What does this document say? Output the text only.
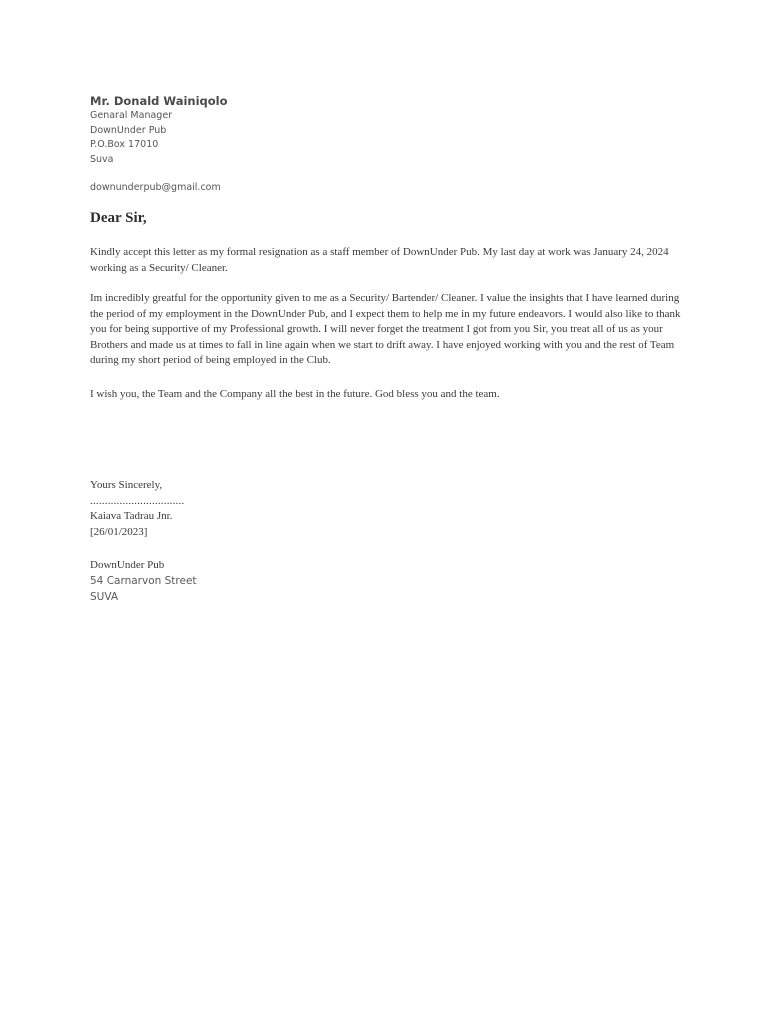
Mr. Donald Wainiqolo
Genaral Manager
DownUnder Pub
P.O.Box 17010
Suva
downunderpub@gmail.com
Dear Sir,
Kindly accept this letter as my formal resignation as a staff member of DownUnder Pub. My last day at work was January 24, 2024 working as a Security/ Cleaner.
Im incredibly greatful for the opportunity given to me as a Security/ Bartender/ Cleaner. I value the insights that I have learned during the period of my employment in the DownUnder Pub, and I expect them to help me in my future endeavors. I would also like to thank you for being supportive of my Professional growth. I will never forget the treatment I got from you Sir, you treat all of us as your Brothers and made us at times to fall in line again when we start to drift away. I have enjoyed working with you and the rest of Team during my short period of being employed in the Club.
I wish you, the Team and the Company all the best in the future. God bless you and the team.
Yours Sincerely,
................................
Kaiava Tadrau Jnr.
[26/01/2023]
DownUnder Pub
54 Carnarvon Street
SUVA
